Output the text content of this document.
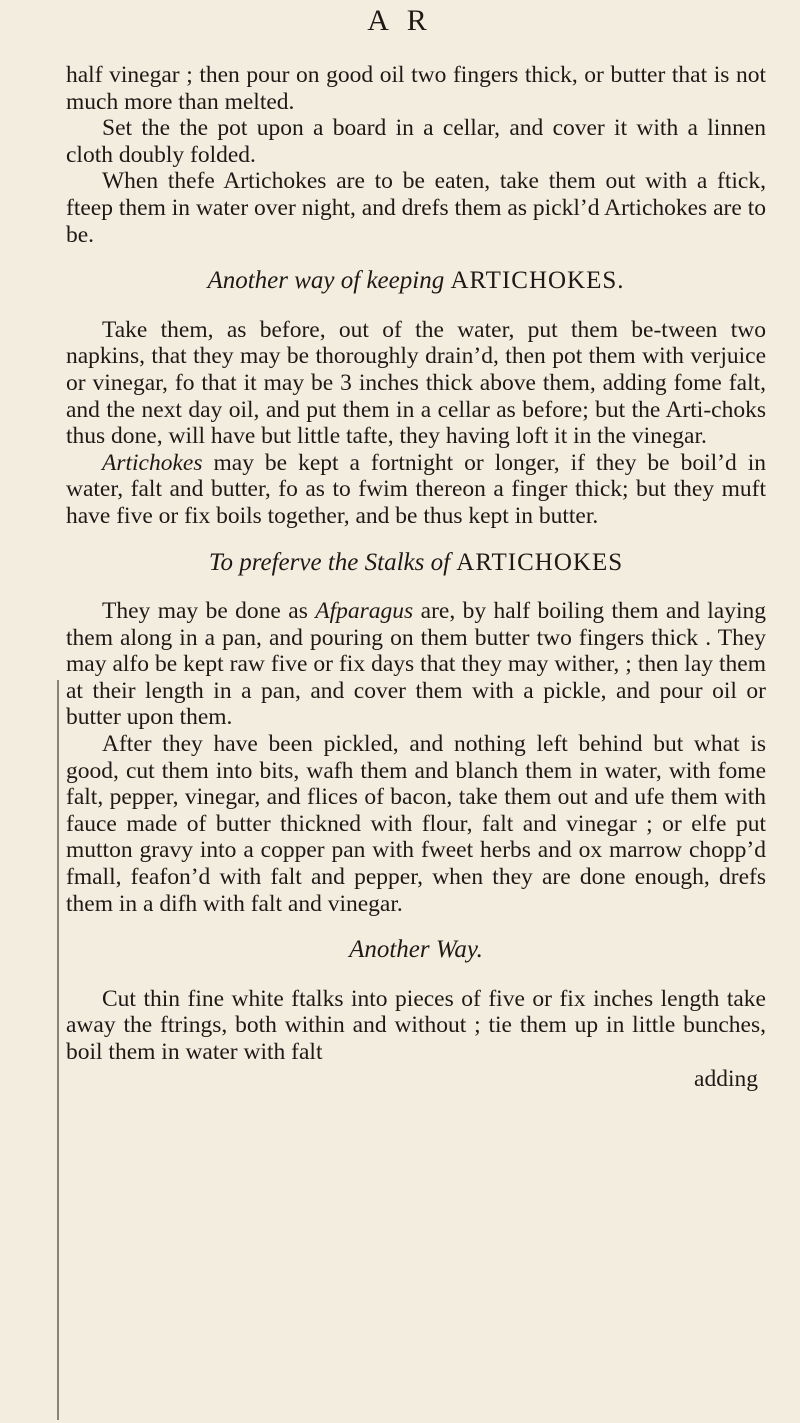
A R

half vinegar ; then pour on good oil two fingers thick, or butter that is not much more than melted.

Set the the pot upon a board in a cellar, and cover it with a linnen cloth doubly folded.

When thefe Artichokes are to be eaten, take them out with a ftick, fteep them in water over night, and drefs them as pickl’d Artichokes are to be.

Another way of keeping ARTICHOKES.

Take them, as before, out of the water, put them be-tween two napkins, that they may be thoroughly drain’d, then pot them with verjuice or vinegar, fo that it may be 3 inches thick above them, adding fome falt, and the next day oil, and put them in a cellar as before; but the Arti-choks thus done, will have but little tafte, they having loft it in the vinegar.

Artichokes may be kept a fortnight or longer, if they be boil’d in water, falt and butter, fo as to fwim thereon a finger thick; but they muft have five or fix boils together, and be thus kept in butter.

To preferve the Stalks of ARTICHOKES

They may be done as Afparagus are, by half boiling them and laying them along in a pan, and pouring on them butter two fingers thick . They may alfo be kept raw five or fix days that they may wither, ; then lay them at their length in a pan, and cover them with a pickle, and pour oil or butter upon them.

After they have been pickled, and nothing left behind but what is good, cut them into bits, wafh them and blanch them in water, with fome falt, pepper, vinegar, and flices of bacon, take them out and ufe them with fauce made of butter thickned with flour, falt and vinegar ; or elfe put mutton gravy into a copper pan with fweet herbs and ox marrow chopp’d fmall, feafon’d with falt and pepper, when they are done enough, drefs them in a difh with falt and vinegar.

Another Way.

Cut thin fine white ftalks into pieces of five or fix inches length take away the ftrings, both within and without ; tie them up in little bunches, boil them in water with falt

adding
